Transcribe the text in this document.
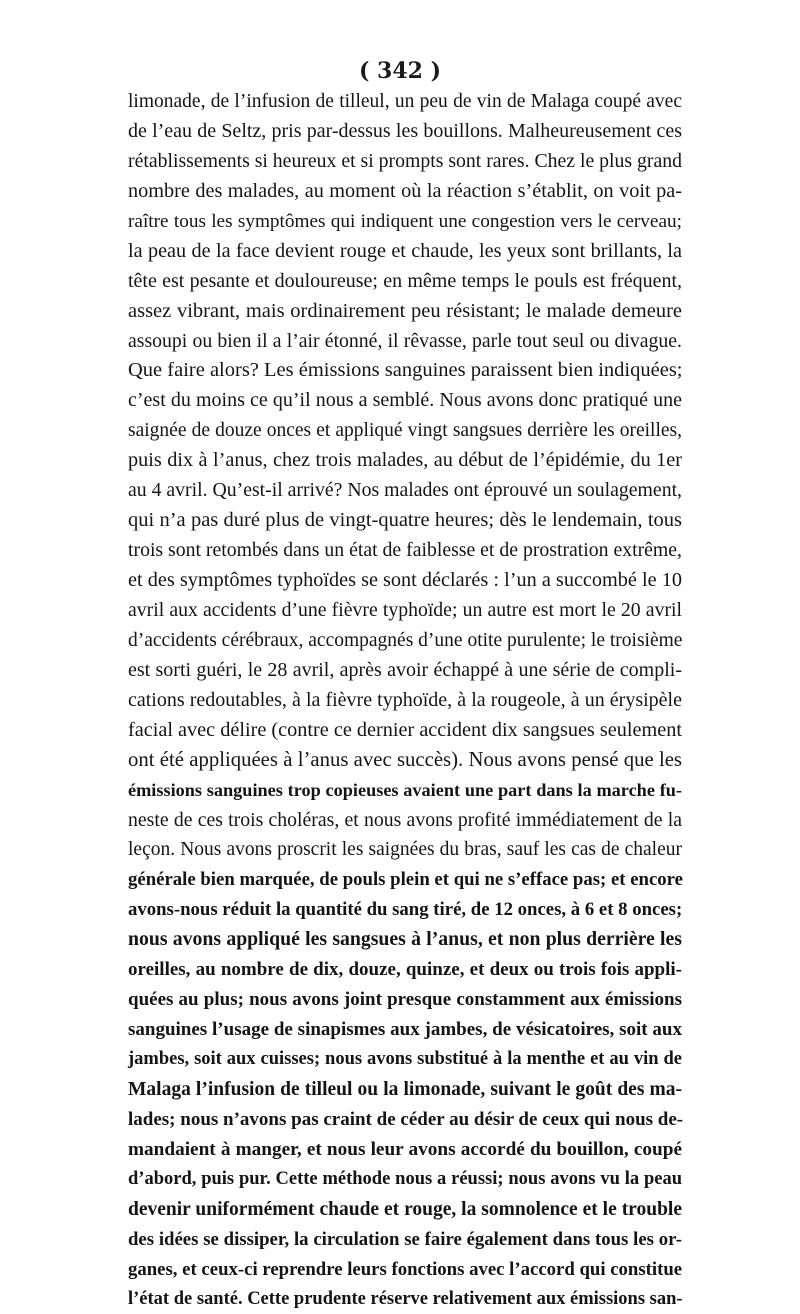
( 342 )
limonade, de l’infusion de tilleul, un peu de vin de Malaga coupé avec
de l’eau de Seltz, pris par-dessus les bouillons. Malheureusement ces
rétablissements si heureux et si prompts sont rares. Chez le plus grand
nombre des malades, au moment où la réaction s’établit, on voit pa-
raître tous les symptômes qui indiquent une congestion vers le cerveau;
la peau de la face devient rouge et chaude, les yeux sont brillants, la
tête est pesante et douloureuse; en même temps le pouls est fréquent,
assez vibrant, mais ordinairement peu résistant; le malade demeure
assoupi ou bien il a l’air étonné, il rêvasse, parle tout seul ou divague.
Que faire alors? Les émissions sanguines paraissent bien indiquées;
c’est du moins ce qu’il nous a semblé. Nous avons donc pratiqué une
saignée de douze onces et appliqué vingt sangsues derrière les oreilles,
puis dix à l’anus, chez trois malades, au début de l’épidémie, du 1er
au 4 avril. Qu’est-il arrivé? Nos malades ont éprouvé un soulagement,
qui n’a pas duré plus de vingt-quatre heures; dès le lendemain, tous
trois sont retombés dans un état de faiblesse et de prostration extrême,
et des symptômes typhoïdes se sont déclarés : l’un a succombé le 10
avril aux accidents d’une fièvre typhoïde; un autre est mort le 20 avril
d’accidents cérébraux, accompagnés d’une otite purulente; le troisième
est sorti guéri, le 28 avril, après avoir échappé à une série de compli-
cations redoutables, à la fièvre typhoïde, à la rougeole, à un érysipèle
facial avec délire (contre ce dernier accident dix sangsues seulement
ont été appliquées à l’anus avec succès). Nous avons pensé que les
émissions sanguines trop copieuses avaient une part dans la marche fu-
neste de ces trois choléras, et nous avons profité immédiatement de la
leçon. Nous avons proscrit les saignées du bras, sauf les cas de chaleur
générale bien marquée, de pouls plein et qui ne s’efface pas; et encore
avons-nous réduit la quantité du sang tiré, de 12 onces, à 6 et 8 onces;
nous avons appliqué les sangsues à l’anus, et non plus derrière les
oreilles, au nombre de dix, douze, quinze, et deux ou trois fois appli-
quées au plus; nous avons joint presque constamment aux émissions
sanguines l’usage de sinapismes aux jambes, de vésicatoires, soit aux
jambes, soit aux cuisses; nous avons substitué à la menthe et au vin de
Malaga l’infusion de tilleul ou la limonade, suivant le goût des ma-
lades; nous n’avons pas craint de céder au désir de ceux qui nous de-
mandaient à manger, et nous leur avons accordé du bouillon, coupé
d’abord, puis pur. Cette méthode nous a réussi; nous avons vu la peau
devenir uniformément chaude et rouge, la somnolence et le trouble
des idées se dissiper, la circulation se faire également dans tous les or-
ganes, et ceux-ci reprendre leurs fonctions avec l’accord qui constitue
l’état de santé. Cette prudente réserve relativement aux émissions san-
